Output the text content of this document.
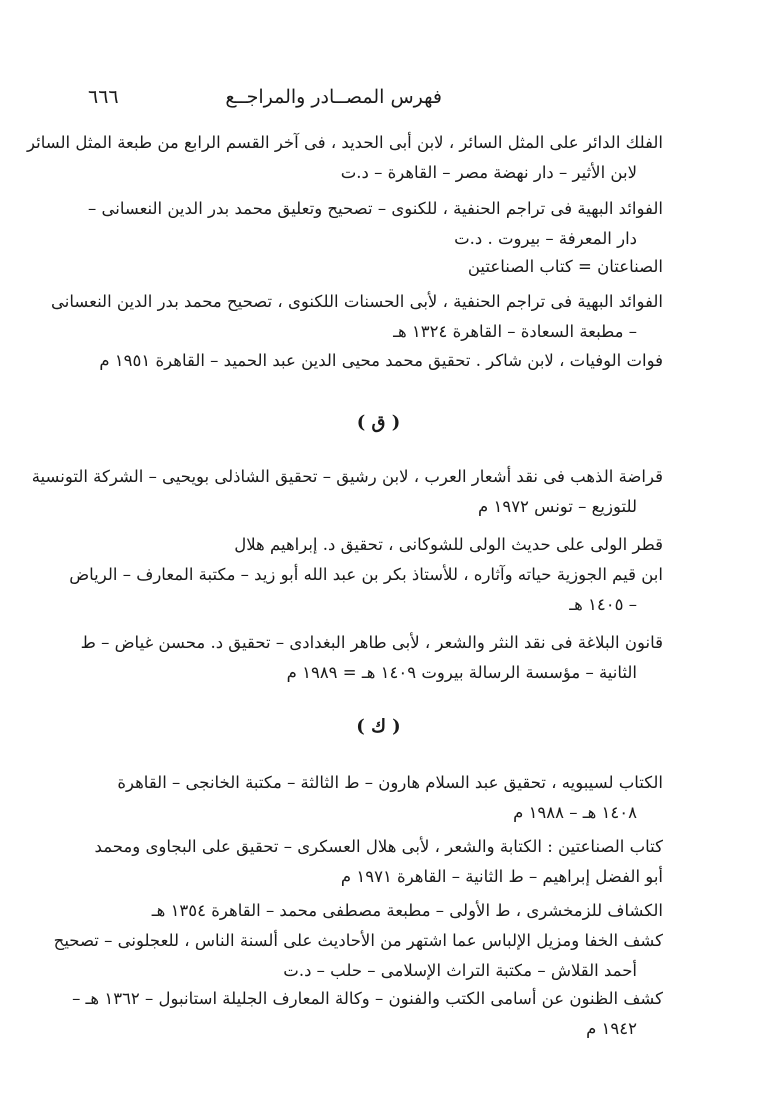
فهرس المصــادر والمراجــع
٦٦٦
الفلك الدائر على المثل السائر ، لابن أبى الحديد ، فى آخر القسم الرابع من طبعة المثل السائر
لابن الأثير – دار نهضة مصر – القاهرة – د.ت
الفوائد البهية فى تراجم الحنفية ، للكنوى – تصحيح وتعليق محمد بدر الدين النعسانى –
دار المعرفة – بيروت . د.ت
الصناعتان = كتاب الصناعتين
الفوائد البهية فى تراجم الحنفية ، لأبى الحسنات اللكنوى ، تصحيح محمد بدر الدين النعسانى
– مطبعة السعادة – القاهرة ١٣٢٤ هـ
فوات الوفيات ، لابن شاكر . تحقيق محمد محيى الدين عبد الحميد – القاهرة ١٩٥١ م
( ق )
قراضة الذهب فى نقد أشعار العرب ، لابن رشيق – تحقيق الشاذلى بويحيى – الشركة التونسية
للتوزيع – تونس ١٩٧٢ م
قطر الولى على حديث الولى للشوكانى ، تحقيق د. إبراهيم هلال
ابن قيم الجوزية حياته وآثاره ، للأستاذ بكر بن عبد الله أبو زيد – مكتبة المعارف – الرياض
– ١٤٠٥ هـ
قانون البلاغة فى نقد النثر والشعر ، لأبى طاهر البغدادى – تحقيق د. محسن غياض – ط
الثانية – مؤسسة الرسالة بيروت ١٤٠٩ هـ = ١٩٨٩ م
( ك )
الكتاب لسيبويه ، تحقيق عبد السلام هارون – ط الثالثة – مكتبة الخانجى – القاهرة
١٤٠٨ هـ – ١٩٨٨ م
كتاب الصناعتين : الكتابة والشعر ، لأبى هلال العسكرى – تحقيق على البجاوى ومحمد
أبو الفضل إبراهيم – ط الثانية – القاهرة ١٩٧١ م
الكشاف للزمخشرى ، ط الأولى – مطبعة مصطفى محمد – القاهرة ١٣٥٤ هـ
كشف الخفا ومزيل الإلباس عما اشتهر من الأحاديث على ألسنة الناس ، للعجلونى – تصحيح
أحمد القلاش – مكتبة التراث الإسلامى – حلب – د.ت
كشف الظنون عن أسامى الكتب والفنون – وكالة المعارف الجليلة استانبول – ١٣٦٢ هـ –
١٩٤٢ م
